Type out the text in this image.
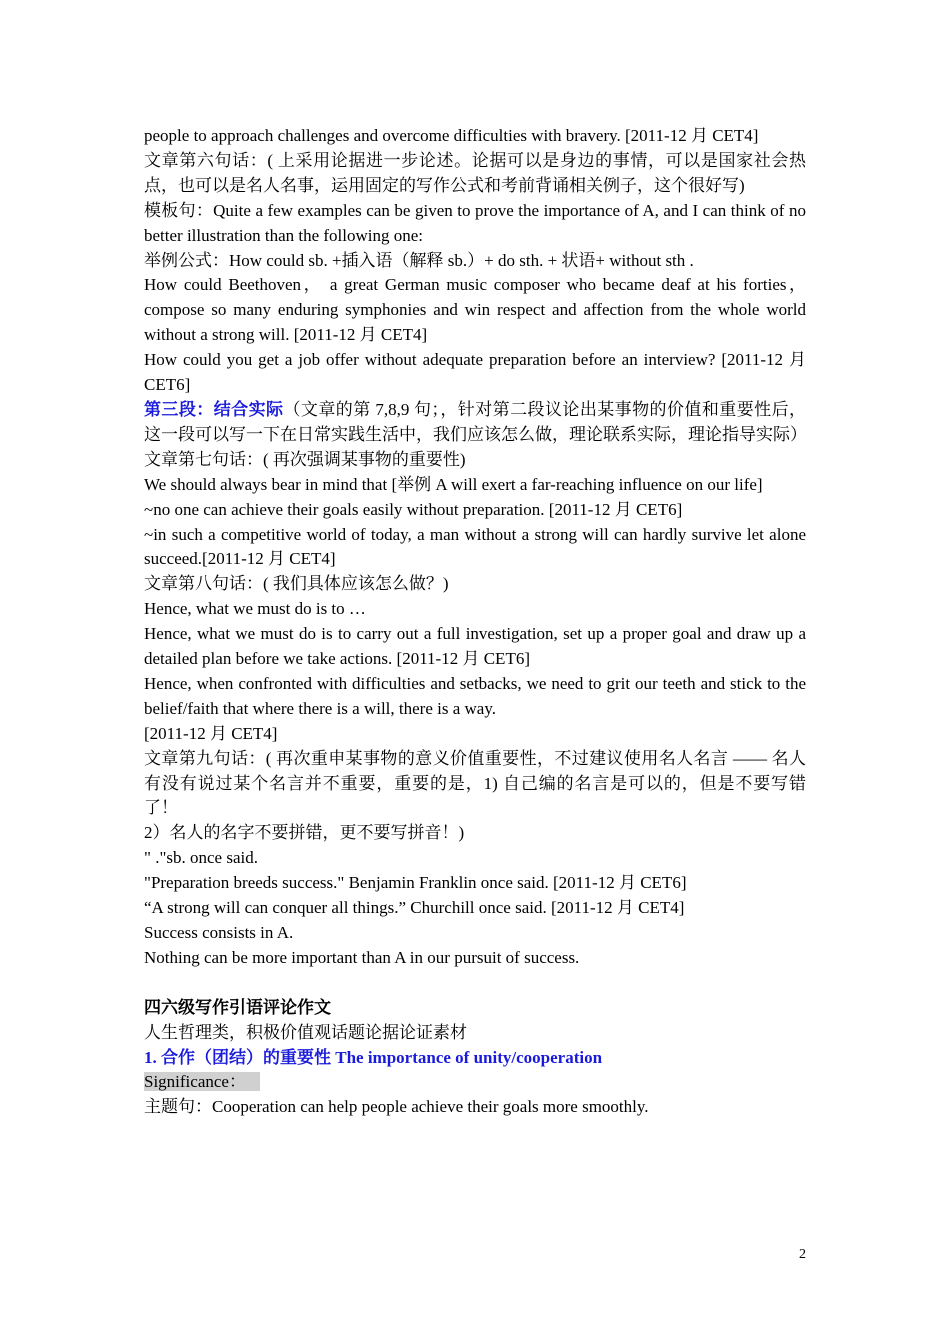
people to approach challenges and overcome difficulties with bravery. [2011-12 月 CET4]

文章第六句话：( 上采用论据进一步论述。论据可以是身边的事情，可以是国家社会热点，也可以是名人名事，运用固定的写作公式和考前背诵相关例子，这个很好写)

模板句：Quite a few examples can be given to prove the importance of A, and I can think of no better illustration than the following one:

举例公式：How could sb. +插入语（解释 sb.）+ do sth. + 状语+ without sth .

How could Beethoven， a great German music composer who became deaf at his forties，compose so many enduring symphonies and win respect and affection from the whole world without a strong will. [2011-12 月 CET4]

How could you get a job offer without adequate preparation before an interview? [2011-12 月 CET6]

第三段：结合实际（文章的第 7,8,9 句；，针对第二段议论出某事物的价值和重要性后，这一段可以写一下在日常实践生活中，我们应该怎么做，理论联系实际，理论指导实际）

文章第七句话：( 再次强调某事物的重要性)

We should always bear in mind that [举例 A will exert a far-reaching influence on our life]

~no one can achieve their goals easily without preparation. [2011-12 月 CET6]

~in such a competitive world of today, a man without a strong will can hardly survive let alone succeed.[2011-12 月 CET4]

文章第八句话：( 我们具体应该怎么做？)

Hence, what we must do is to …

Hence, what we must do is to carry out a full investigation, set up a proper goal and draw up a detailed plan before we take actions. [2011-12 月 CET6]

Hence, when confronted with difficulties and setbacks, we need to grit our teeth and stick to the belief/faith that where there is a will, there is a way.

[2011-12 月 CET4]

文章第九句话：( 再次重申某事物的意义价值重要性，不过建议使用名人名言 —— 名人有没有说过某个名言并不重要，重要的是，1) 自己编的名言是可以的，但是不要写错了！

2）名人的名字不要拼错，更不要写拼音！)

" ."sb. once said.

"Preparation breeds success." Benjamin Franklin once said. [2011-12 月 CET6]

“A strong will can conquer all things.” Churchill once said. [2011-12 月 CET4]

Success consists in A.

Nothing can be more important than A in our pursuit of success.

四六级写作引语评论作文

人生哲理类，积极价值观话题论据论证素材

1. 合作（团结）的重要性 The importance of unity/cooperation

Significance：

主题句：Cooperation can help people achieve their goals more smoothly.

2
